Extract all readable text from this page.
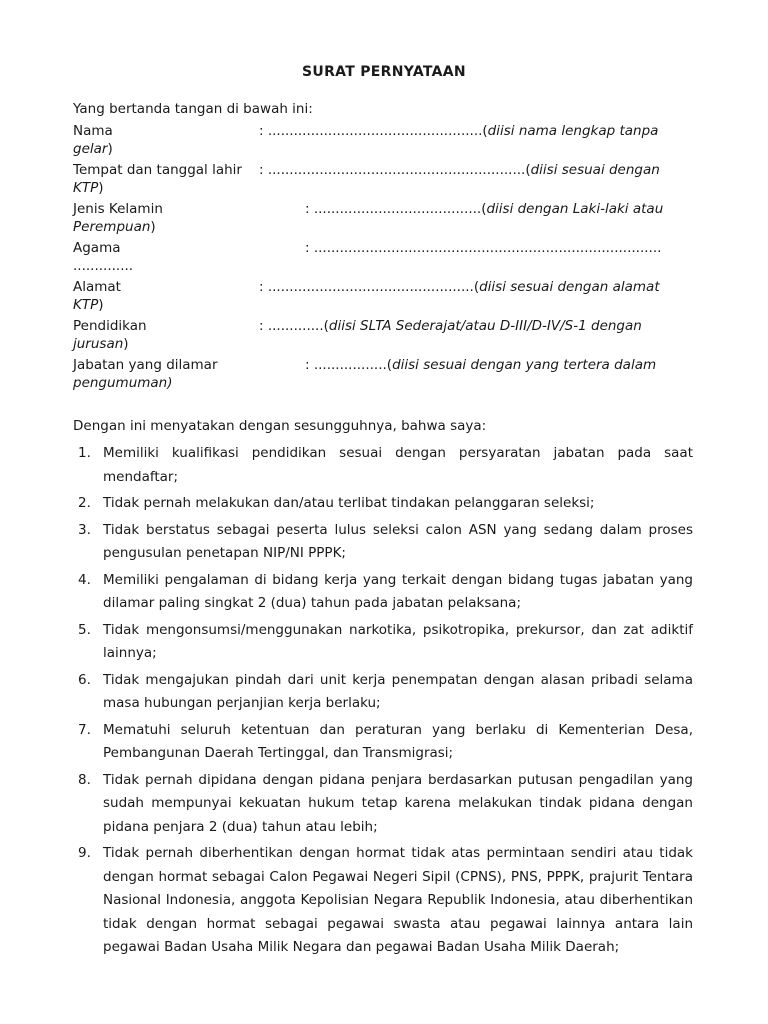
SURAT PERNYATAAN
Yang bertanda tangan di bawah ini:
Nama	: ..................................................(diisi nama lengkap tanpa
gelar)
Tempat dan tanggal lahir : ............................................................(diisi sesuai dengan
KTP)
Jenis Kelamin	: .......................................(diisi dengan Laki-laki atau
Perempuan)
Agama	: .................................................................................
..............
Alamat	: ................................................(diisi sesuai dengan alamat
KTP)
Pendidikan	: .............(diisi SLTA Sederajat/atau D-III/D-IV/S-1 dengan
jurusan)
Jabatan yang dilamar	: .................(diisi sesuai dengan yang tertera dalam
pengumuman)
Dengan ini menyatakan dengan sesungguhnya, bahwa saya:
1. Memiliki kualifikasi pendidikan sesuai dengan persyaratan jabatan pada saat mendaftar;
2. Tidak pernah melakukan dan/atau terlibat tindakan pelanggaran seleksi;
3. Tidak berstatus sebagai peserta lulus seleksi calon ASN yang sedang dalam proses pengusulan penetapan NIP/NI PPPK;
4. Memiliki pengalaman di bidang kerja yang terkait dengan bidang tugas jabatan yang dilamar paling singkat 2 (dua) tahun pada jabatan pelaksana;
5. Tidak mengonsumsi/menggunakan narkotika, psikotropika, prekursor, dan zat adiktif lainnya;
6. Tidak mengajukan pindah dari unit kerja penempatan dengan alasan pribadi selama masa hubungan perjanjian kerja berlaku;
7. Mematuhi seluruh ketentuan dan peraturan yang berlaku di Kementerian Desa, Pembangunan Daerah Tertinggal, dan Transmigrasi;
8. Tidak pernah dipidana dengan pidana penjara berdasarkan putusan pengadilan yang sudah mempunyai kekuatan hukum tetap karena melakukan tindak pidana dengan pidana penjara 2 (dua) tahun atau lebih;
9. Tidak pernah diberhentikan dengan hormat tidak atas permintaan sendiri atau tidak dengan hormat sebagai Calon Pegawai Negeri Sipil (CPNS), PNS, PPPK, prajurit Tentara Nasional Indonesia, anggota Kepolisian Negara Republik Indonesia, atau diberhentikan tidak dengan hormat sebagai pegawai swasta atau pegawai lainnya antara lain pegawai Badan Usaha Milik Negara dan pegawai Badan Usaha Milik Daerah;
